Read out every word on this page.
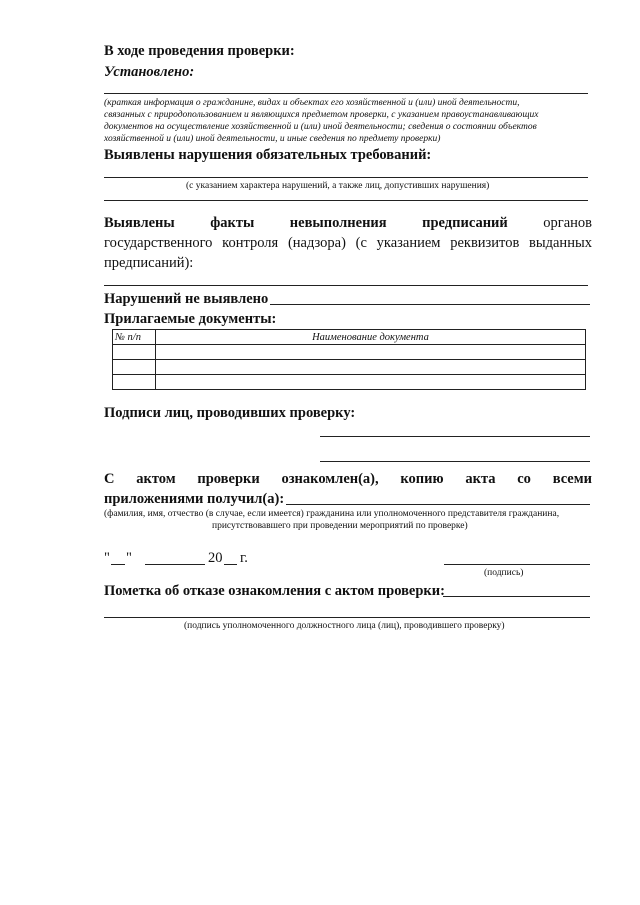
В ходе проведения проверки:
Установлено:
(краткая информация о гражданине, видах и объектах его хозяйственной и (или) иной деятельности,
связанных с природопользованием и являющихся предметом проверки, с указанием правоустанавливающих
документов на осуществление хозяйственной и (или) иной деятельности; сведения о состоянии объектов
хозяйственной и (или) иной деятельности, и иные сведения по предмету проверки)
Выявлены нарушения обязательных требований:
(с указанием характера нарушений, а также лиц, допустивших нарушения)
Выявлены факты невыполнения предписаний органов
государственного контроля (надзора) (с указанием реквизитов выданных
предписаний):
Нарушений не выявлено
Прилагаемые документы:
№ п/п	Наименование документа

Подписи лиц, проводивших проверку:
С актом проверки ознакомлен(а), копию акта со всеми
приложениями получил(а):
(фамилия, имя, отчество (в случае, если имеется) гражданина или уполномоченного представителя гражданина,
присутствовавшего при проведении мероприятий по проверке)
" "	20 г.
(подпись)
Пометка об отказе ознакомления с актом проверки:
(подпись уполномоченного должностного лица (лиц), проводившего проверку)
